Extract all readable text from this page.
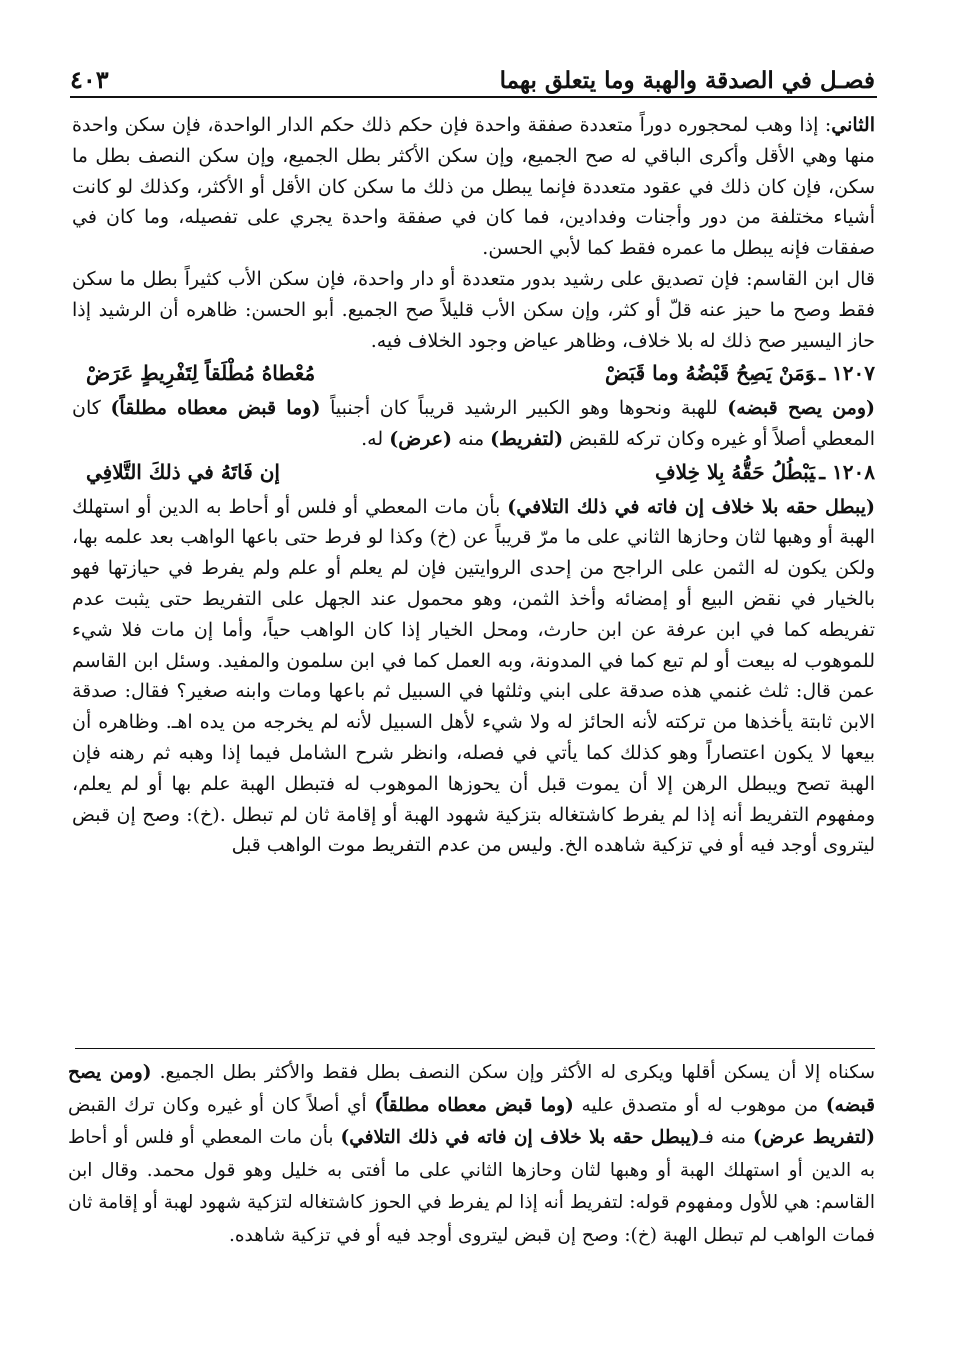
فصـل في الصدقة والهبة وما يتعلق بهما
٤٠٣

الثاني: إذا وهب لمحجوره دوراً متعددة صفقة واحدة فإن حكم ذلك حكم الدار الواحدة، فإن سكن واحدة منها وهي الأقل وأكرى الباقي له صح الجميع، وإن سكن الأكثر بطل الجميع، وإن سكن النصف بطل ما سكن، فإن كان ذلك في عقود متعددة فإنما يبطل من ذلك ما سكن كان الأقل أو الأكثر، وكذلك لو كانت أشياء مختلفة من دور وأجنات وفدادين، فما كان في صفقة واحدة يجري على تفصيله، وما كان في صفقات فإنه يبطل ما عمره فقط كما لأبي الحسن.

قال ابن القاسم: فإن تصديق على رشيد بدور متعددة أو دار واحدة، فإن سكن الأب كثيراً بطل ما سكن فقط وصح ما حيز عنه قلّ أو كثر، وإن سكن الأب قليلاً صح الجميع. أبو الحسن: ظاهره أن الرشيد إذا حاز اليسير صح ذلك له بلا خلاف، وظاهر عياض وجود الخلاف فيه.

١٢٠٧ ـوَمَنْ يَصِحُ قَبْضُهُ وما قَبَضْ
مُعْطاهُ مُطْلَقاً لِتَفْرِيطٍ عَرَضْ

(ومن يصح قبضه) للهبة ونحوها وهو الكبير الرشيد قريباً كان أجنبياً (وما قبض معطاه مطلقاً) كان المعطي أصلاً أو غيره وكان تركه للقبض (لتفريط) منه (عرض) له.

١٢٠٨ ـيَبْطُلُ حَقُّهُ بِلا خِلافِ
إن فَاتَهُ في ذلكَ التَّلافِي

(يبطل حقه بلا خلاف إن فاته في ذلك التلافي) بأن مات المعطي أو فلس أو أحاط به الدين أو استهلك الهبة أو وهبها لثان وحازها الثاني على ما مرّ قريباً عن (خ) وكذا لو فرط حتى باعها الواهب بعد علمه بها، ولكن يكون له الثمن على الراجح من إحدى الروايتين فإن لم يعلم أو علم ولم يفرط في حيازتها فهو بالخيار في نقض البيع أو إمضائه وأخذ الثمن، وهو محمول عند الجهل على التفريط حتى يثبت عدم تفريطه كما في ابن عرفة عن ابن حارث، ومحل الخيار إذا كان الواهب حياً، وأما إن مات فلا شيء للموهوب له بيعت أو لم تبع كما في المدونة، وبه العمل كما في ابن سلمون والمفيد. وسئل ابن القاسم عمن قال: ثلث غنمي هذه صدقة على ابني وثلثها في السبيل ثم باعها ومات وابنه صغير؟ فقال: صدقة الابن ثابتة يأخذها من تركته لأنه الحائز له ولا شيء لأهل السبيل لأنه لم يخرجه من يده اهـ. وظاهره أن بيعها لا يكون اعتصاراً وهو كذلك كما يأتي في فصله، وانظر شرح الشامل فيما إذا وهبه ثم رهنه فإن الهبة تصح ويبطل الرهن إلا أن يموت قبل أن يحوزها الموهوب له فتبطل الهبة علم بها أو لم يعلم، ومفهوم التفريط أنه إذا لم يفرط كاشتغاله بتزكية شهود الهبة أو إقامة ثان لم تبطل .(خ): وصح إن قبض ليتروى أوجد فيه أو في تزكية شاهده الخ. وليس من عدم التفريط موت الواهب قبل

سكناه إلا أن يسكن أقلها ويكرى له الأكثر وإن سكن النصف بطل فقط والأكثر بطل الجميع. (ومن يصح قبضه) من موهوب له أو متصدق عليه (وما قبض معطاه مطلقاً) أي أصلاً كان أو غيره وكان ترك القبض (لتفريط عرض) منه فـ(يبطل حقه بلا خلاف إن فاته في ذلك التلافي) بأن مات المعطي أو فلس أو أحاط به الدين أو استهلك الهبة أو وهبها لثان وحازها الثاني على ما أفتى به خليل وهو قول محمد. وقال ابن القاسم: هي للأول ومفهوم قوله: لتفريط أنه إذا لم يفرط في الحوز كاشتغاله لتزكية شهود لهبة أو إقامة ثان فمات الواهب لم تبطل الهبة (خ): وصح إن قبض ليتروى أوجد فيه أو في تزكية شاهده.
